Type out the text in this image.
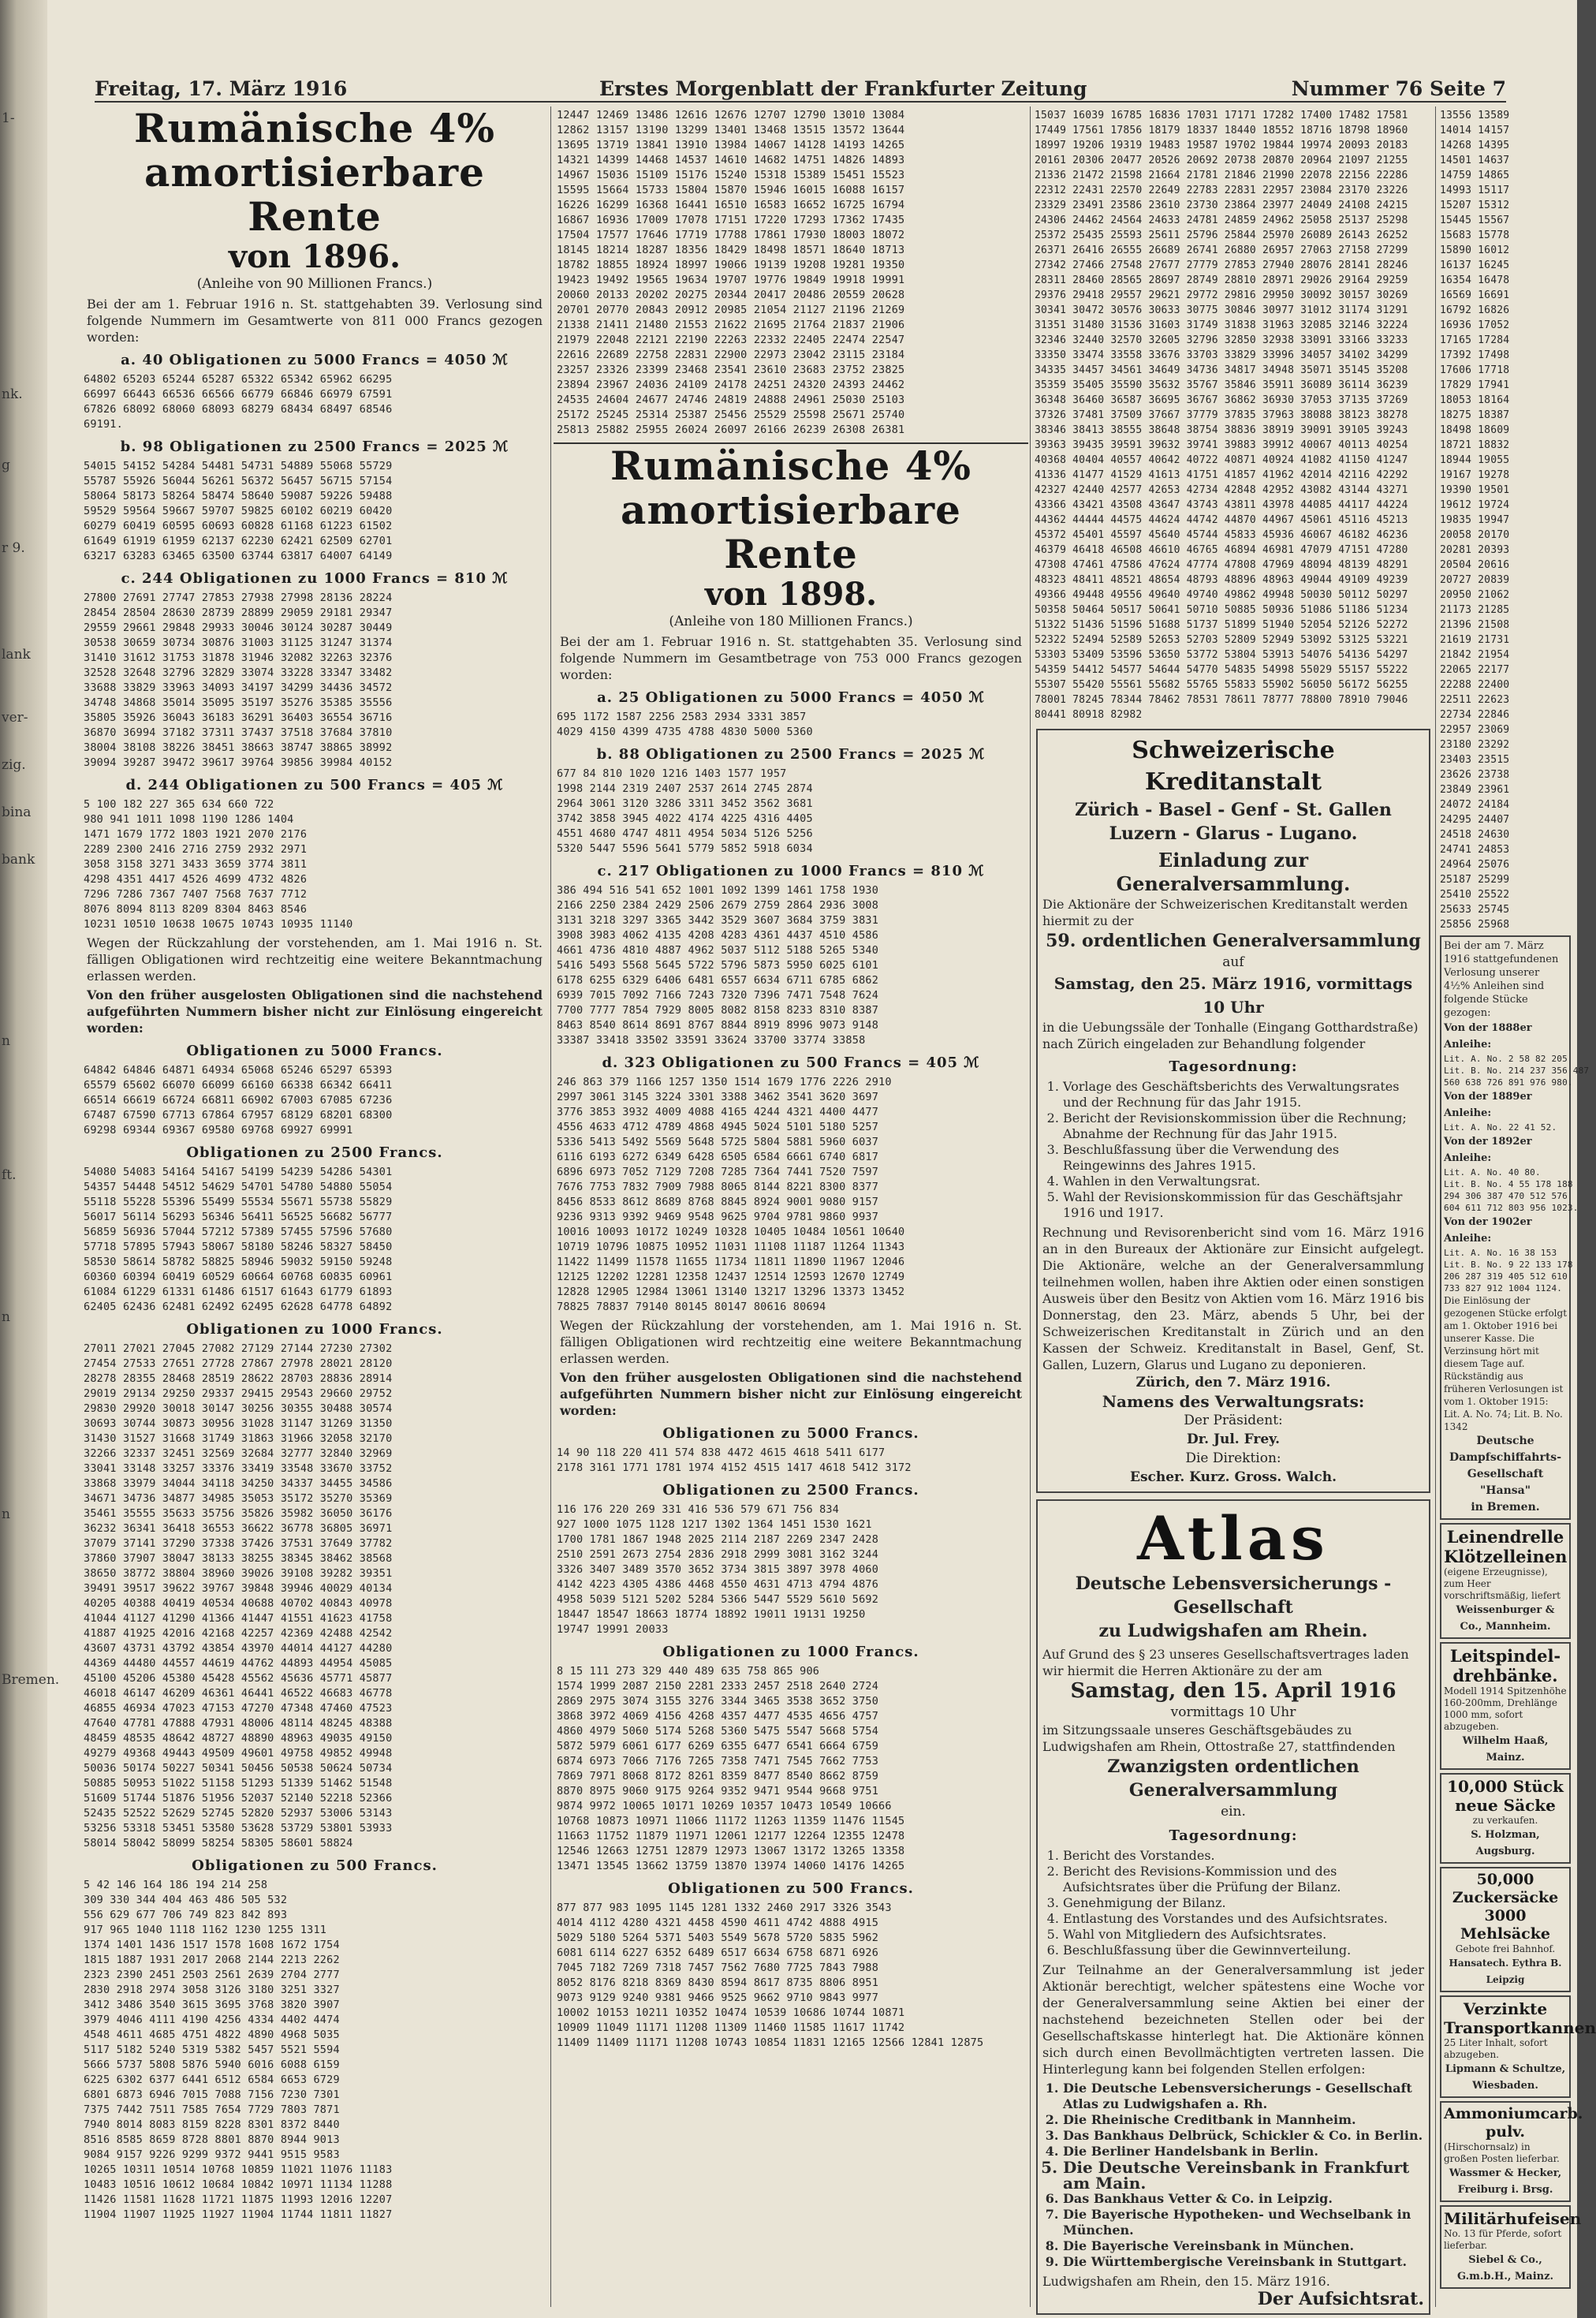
1-
nk.
g
r 9.
lank
ver-
zig.
bina
bank
n
ft.
n
n
Bremen.
Freitag, 17. März 1916	Erstes Morgenblatt der Frankfurter Zeitung	Nummer 76 Seite 7
Rumänische 4% amortisierbare Rente
von 1896.
(Anleihe von 90 Millionen Francs.)
Bei der am 1. Februar 1916 n. St. stattgehabten 39. Verlosung sind folgende Nummern im Gesamtwerte von 811 000 Francs gezogen worden:
a. 40 Obligationen zu 5000 Francs = 4050 ℳ
64802 65203 65244 65287 65322 65342 65962 66295
66997 66443 66536 66566 66779 66846 66979 67591
67826 68092 68060 68093 68279 68434 68497 68546
69191.
b. 98 Obligationen zu 2500 Francs = 2025 ℳ
54015 54152 54284 54481 54731 54889 55068 55729
55787 55926 56044 56261 56372 56457 56715 57154
58064 58173 58264 58474 58640 59087 59226 59488
59529 59564 59667 59707 59825 60102 60219 60420
60279 60419 60595 60693 60828 61168 61223 61502
61649 61919 61959 62137 62230 62421 62509 62701
63217 63283 63465 63500 63744 63817 64007 64149
c. 244 Obligationen zu 1000 Francs = 810 ℳ
27800 27691 27747 27853 27938 27998 28136 28224
28454 28504 28630 28739 28899 29059 29181 29347
29559 29661 29848 29933 30046 30124 30287 30449
30538 30659 30734 30876 31003 31125 31247 31374
31410 31612 31753 31878 31946 32082 32263 32376
32528 32648 32796 32829 33074 33228 33347 33482
33688 33829 33963 34093 34197 34299 34436 34572
34748 34868 35014 35095 35197 35276 35385 35556
35805 35926 36043 36183 36291 36403 36554 36716
36870 36994 37182 37311 37437 37518 37684 37810
38004 38108 38226 38451 38663 38747 38865 38992
39094 39287 39472 39617 39764 39856 39984 40152
d. 244 Obligationen zu 500 Francs = 405 ℳ
5 100 182 227 365 634 660 722
980 941 1011 1098 1190 1286 1404
1471 1679 1772 1803 1921 2070 2176
2289 2300 2416 2716 2759 2932 2971
3058 3158 3271 3433 3659 3774 3811
4298 4351 4417 4526 4699 4732 4826
7296 7286 7367 7407 7568 7637 7712
8076 8094 8113 8209 8304 8463 8546
10231 10510 10638 10675 10743 10935 11140
Wegen der Rückzahlung der vorstehenden, am 1. Mai 1916 n. St. fälligen Obligationen wird rechtzeitig eine weitere Bekanntmachung erlassen werden.
Von den früher ausgelosten Obligationen sind die nachstehend aufgeführten Nummern bisher nicht zur Einlösung eingereicht worden:
Obligationen zu 5000 Francs.
64842 64846 64871 64934 65068 65246 65297 65393
65579 65602 66070 66099 66160 66338 66342 66411
66514 66619 66724 66811 66902 67003 67085 67236
67487 67590 67713 67864 67957 68129 68201 68300
69298 69344 69367 69580 69768 69927 69991
Obligationen zu 2500 Francs.
54080 54083 54164 54167 54199 54239 54286 54301
54357 54448 54512 54629 54701 54780 54880 55054
55118 55228 55396 55499 55534 55671 55738 55829
56017 56114 56293 56346 56411 56525 56682 56777
56859 56936 57044 57212 57389 57455 57596 57680
57718 57895 57943 58067 58180 58246 58327 58450
58530 58614 58782 58825 58946 59032 59150 59248
60360 60394 60419 60529 60664 60768 60835 60961
61084 61229 61331 61486 61517 61643 61779 61893
62405 62436 62481 62492 62495 62628 64778 64892
Obligationen zu 1000 Francs.
27011 27021 27045 27082 27129 27144 27230 27302
27454 27533 27651 27728 27867 27978 28021 28120
28278 28355 28468 28519 28622 28703 28836 28914
29019 29134 29250 29337 29415 29543 29660 29752
29830 29920 30018 30147 30256 30355 30488 30574
30693 30744 30873 30956 31028 31147 31269 31350
31430 31527 31668 31749 31863 31966 32058 32170
32266 32337 32451 32569 32684 32777 32840 32969
33041 33148 33257 33376 33419 33548 33670 33752
33868 33979 34044 34118 34250 34337 34455 34586
34671 34736 34877 34985 35053 35172 35270 35369
35461 35555 35633 35756 35826 35982 36050 36176
36232 36341 36418 36553 36622 36778 36805 36971
37079 37141 37290 37338 37426 37531 37649 37782
37860 37907 38047 38133 38255 38345 38462 38568
38650 38772 38804 38960 39026 39108 39282 39351
39491 39517 39622 39767 39848 39946 40029 40134
40205 40388 40419 40534 40688 40702 40843 40978
41044 41127 41290 41366 41447 41551 41623 41758
41887 41925 42016 42168 42257 42369 42488 42542
43607 43731 43792 43854 43970 44014 44127 44280
44369 44480 44557 44619 44762 44893 44954 45085
45100 45206 45380 45428 45562 45636 45771 45877
46018 46147 46209 46361 46441 46522 46683 46778
46855 46934 47023 47153 47270 47348 47460 47523
47640 47781 47888 47931 48006 48114 48245 48388
48459 48535 48642 48727 48890 48963 49035 49150
49279 49368 49443 49509 49601 49758 49852 49948
50036 50174 50227 50341 50456 50538 50624 50734
50885 50953 51022 51158 51293 51339 51462 51548
51609 51744 51876 51956 52037 52140 52218 52366
52435 52522 52629 52745 52820 52937 53006 53143
53256 53318 53451 53580 53628 53729 53801 53933
58014 58042 58099 58254 58305 58601 58824
Obligationen zu 500 Francs.
5 42 146 164 186 194 214 258
309 330 344 404 463 486 505 532
556 629 677 706 749 823 842 893
917 965 1040 1118 1162 1230 1255 1311
1374 1401 1436 1517 1578 1608 1672 1754
1815 1887 1931 2017 2068 2144 2213 2262
2323 2390 2451 2503 2561 2639 2704 2777
2830 2918 2974 3058 3126 3180 3251 3327
3412 3486 3540 3615 3695 3768 3820 3907
3979 4046 4111 4190 4256 4334 4402 4474
4548 4611 4685 4751 4822 4890 4968 5035
5117 5182 5240 5319 5382 5457 5521 5594
5666 5737 5808 5876 5940 6016 6088 6159
6225 6302 6377 6441 6512 6584 6653 6729
6801 6873 6946 7015 7088 7156 7230 7301
7375 7442 7511 7585 7654 7729 7803 7871
7940 8014 8083 8159 8228 8301 8372 8440
8516 8585 8659 8728 8801 8870 8944 9013
9084 9157 9226 9299 9372 9441 9515 9583
10265 10311 10514 10768 10859 11021 11076 11183
10483 10516 10612 10684 10842 10971 11134 11288
11426 11581 11628 11721 11875 11993 12016 12207
11904 11907 11925 11927 11904 11744 11811 11827
12447 12469 13486 12616 12676 12707 12790 13010 13084
12862 13157 13190 13299 13401 13468 13515 13572 13644
13695 13719 13841 13910 13984 14067 14128 14193 14265
14321 14399 14468 14537 14610 14682 14751 14826 14893
14967 15036 15109 15176 15240 15318 15389 15451 15523
15595 15664 15733 15804 15870 15946 16015 16088 16157
16226 16299 16368 16441 16510 16583 16652 16725 16794
16867 16936 17009 17078 17151 17220 17293 17362 17435
17504 17577 17646 17719 17788 17861 17930 18003 18072
18145 18214 18287 18356 18429 18498 18571 18640 18713
18782 18855 18924 18997 19066 19139 19208 19281 19350
19423 19492 19565 19634 19707 19776 19849 19918 19991
20060 20133 20202 20275 20344 20417 20486 20559 20628
20701 20770 20843 20912 20985 21054 21127 21196 21269
21338 21411 21480 21553 21622 21695 21764 21837 21906
21979 22048 22121 22190 22263 22332 22405 22474 22547
22616 22689 22758 22831 22900 22973 23042 23115 23184
23257 23326 23399 23468 23541 23610 23683 23752 23825
23894 23967 24036 24109 24178 24251 24320 24393 24462
24535 24604 24677 24746 24819 24888 24961 25030 25103
25172 25245 25314 25387 25456 25529 25598 25671 25740
25813 25882 25955 26024 26097 26166 26239 26308 26381
Rumänische 4% amortisierbare Rente
von 1898.
(Anleihe von 180 Millionen Francs.)
Bei der am 1. Februar 1916 n. St. stattgehabten 35. Verlosung sind folgende Nummern im Gesamtbetrage von 753 000 Francs gezogen worden:
a. 25 Obligationen zu 5000 Francs = 4050 ℳ
695 1172 1587 2256 2583 2934 3331 3857
4029 4150 4399 4735 4788 4830 5000 5360
b. 88 Obligationen zu 2500 Francs = 2025 ℳ
677 84 810 1020 1216 1403 1577 1957
1998 2144 2319 2407 2537 2614 2745 2874
2964 3061 3120 3286 3311 3452 3562 3681
3742 3858 3945 4022 4174 4225 4316 4405
4551 4680 4747 4811 4954 5034 5126 5256
5320 5447 5596 5641 5779 5852 5918 6034
c. 217 Obligationen zu 1000 Francs = 810 ℳ
386 494 516 541 652 1001 1092 1399 1461 1758 1930
2166 2250 2384 2429 2506 2679 2759 2864 2936 3008
3131 3218 3297 3365 3442 3529 3607 3684 3759 3831
3908 3983 4062 4135 4208 4283 4361 4437 4510 4586
4661 4736 4810 4887 4962 5037 5112 5188 5265 5340
5416 5493 5568 5645 5722 5796 5873 5950 6025 6101
6178 6255 6329 6406 6481 6557 6634 6711 6785 6862
6939 7015 7092 7166 7243 7320 7396 7471 7548 7624
7700 7777 7854 7929 8005 8082 8158 8233 8310 8387
8463 8540 8614 8691 8767 8844 8919 8996 9073 9148
33387 33418 33502 33591 33624 33700 33774 33858
d. 323 Obligationen zu 500 Francs = 405 ℳ
246 863 379 1166 1257 1350 1514 1679 1776 2226 2910
2997 3061 3145 3224 3301 3388 3462 3541 3620 3697
3776 3853 3932 4009 4088 4165 4244 4321 4400 4477
4556 4633 4712 4789 4868 4945 5024 5101 5180 5257
5336 5413 5492 5569 5648 5725 5804 5881 5960 6037
6116 6193 6272 6349 6428 6505 6584 6661 6740 6817
6896 6973 7052 7129 7208 7285 7364 7441 7520 7597
7676 7753 7832 7909 7988 8065 8144 8221 8300 8377
8456 8533 8612 8689 8768 8845 8924 9001 9080 9157
9236 9313 9392 9469 9548 9625 9704 9781 9860 9937
10016 10093 10172 10249 10328 10405 10484 10561 10640
10719 10796 10875 10952 11031 11108 11187 11264 11343
11422 11499 11578 11655 11734 11811 11890 11967 12046
12125 12202 12281 12358 12437 12514 12593 12670 12749
12828 12905 12984 13061 13140 13217 13296 13373 13452
78825 78837 79140 80145 80147 80616 80694
Wegen der Rückzahlung der vorstehenden, am 1. Mai 1916 n. St. fälligen Obligationen wird rechtzeitig eine weitere Bekanntmachung erlassen werden.
Von den früher ausgelosten Obligationen sind die nachstehend aufgeführten Nummern bisher nicht zur Einlösung eingereicht worden:
Obligationen zu 5000 Francs.
14 90 118 220 411 574 838 4472 4615 4618 5411 6177
2178 3161 1771 1781 1974 4152 4515 1417 4618 5412 3172
Obligationen zu 2500 Francs.
116 176 220 269 331 416 536 579 671 756 834
927 1000 1075 1128 1217 1302 1364 1451 1530 1621
1700 1781 1867 1948 2025 2114 2187 2269 2347 2428
2510 2591 2673 2754 2836 2918 2999 3081 3162 3244
3326 3407 3489 3570 3652 3734 3815 3897 3978 4060
4142 4223 4305 4386 4468 4550 4631 4713 4794 4876
4958 5039 5121 5202 5284 5366 5447 5529 5610 5692
18447 18547 18663 18774 18892 19011 19131 19250
19747 19991 20033
Obligationen zu 1000 Francs.
8 15 111 273 329 440 489 635 758 865 906
1574 1999 2087 2150 2281 2333 2457 2518 2640 2724
2869 2975 3074 3155 3276 3344 3465 3538 3652 3750
3868 3972 4069 4156 4268 4357 4477 4535 4656 4757
4860 4979 5060 5174 5268 5360 5475 5547 5668 5754
5872 5979 6061 6177 6269 6355 6477 6541 6664 6759
6874 6973 7066 7176 7265 7358 7471 7545 7662 7753
7869 7971 8068 8172 8261 8359 8477 8540 8662 8759
8870 8975 9060 9175 9264 9352 9471 9544 9668 9751
9874 9972 10065 10171 10269 10357 10473 10549 10666
10768 10873 10971 11066 11172 11263 11359 11476 11545
11663 11752 11879 11971 12061 12177 12264 12355 12478
12546 12663 12751 12879 12973 13067 13172 13265 13358
13471 13545 13662 13759 13870 13974 14060 14176 14265
Obligationen zu 500 Francs.
877 877 983 1095 1145 1281 1332 2460 2917 3326 3543
4014 4112 4280 4321 4458 4590 4611 4742 4888 4915
5029 5180 5264 5371 5403 5549 5678 5720 5835 5962
6081 6114 6227 6352 6489 6517 6634 6758 6871 6926
7045 7182 7269 7318 7457 7562 7680 7725 7843 7988
8052 8176 8218 8369 8430 8594 8617 8735 8806 8951
9073 9129 9240 9381 9466 9525 9662 9710 9843 9977
10002 10153 10211 10352 10474 10539 10686 10744 10871
10909 11049 11171 11208 11309 11460 11585 11617 11742
11409 11409 11171 11208 10743 10854 11831 12165 12566 12841 12875
15037 16039 16785 16836 17031 17171 17282 17400 17482 17581
17449 17561 17856 18179 18337 18440 18552 18716 18798 18960
18997 19206 19319 19483 19587 19702 19844 19974 20093 20183
20161 20306 20477 20526 20692 20738 20870 20964 21097 21255
21336 21472 21598 21664 21781 21846 21990 22078 22156 22286
22312 22431 22570 22649 22783 22831 22957 23084 23170 23226
23329 23491 23586 23610 23730 23864 23977 24049 24108 24215
24306 24462 24564 24633 24781 24859 24962 25058 25137 25298
25372 25435 25593 25611 25796 25844 25970 26089 26143 26252
26371 26416 26555 26689 26741 26880 26957 27063 27158 27299
27342 27466 27548 27677 27779 27853 27940 28076 28141 28246
28311 28460 28565 28697 28749 28810 28971 29026 29164 29259
29376 29418 29557 29621 29772 29816 29950 30092 30157 30269
30341 30472 30576 30633 30775 30846 30977 31012 31174 31291
31351 31480 31536 31603 31749 31838 31963 32085 32146 32224
32346 32440 32570 32605 32796 32850 32938 33091 33166 33233
33350 33474 33558 33676 33703 33829 33996 34057 34102 34299
34335 34457 34561 34649 34736 34817 34948 35071 35145 35208
35359 35405 35590 35632 35767 35846 35911 36089 36114 36239
36348 36460 36587 36695 36767 36862 36930 37053 37135 37269
37326 37481 37509 37667 37779 37835 37963 38088 38123 38278
38346 38413 38555 38648 38754 38836 38919 39091 39105 39243
39363 39435 39591 39632 39741 39883 39912 40067 40113 40254
40368 40404 40557 40642 40722 40871 40924 41082 41150 41247
41336 41477 41529 41613 41751 41857 41962 42014 42116 42292
42327 42440 42577 42653 42734 42848 42952 43082 43144 43271
43366 43421 43508 43647 43743 43811 43978 44085 44117 44224
44362 44444 44575 44624 44742 44870 44967 45061 45116 45213
45372 45401 45597 45640 45744 45833 45936 46067 46182 46236
46379 46418 46508 46610 46765 46894 46981 47079 47151 47280
47308 47461 47586 47624 47774 47808 47969 48094 48139 48291
48323 48411 48521 48654 48793 48896 48963 49044 49109 49239
49366 49448 49556 49640 49740 49862 49948 50030 50112 50297
50358 50464 50517 50641 50710 50885 50936 51086 51186 51234
51322 51436 51596 51688 51737 51899 51940 52054 52126 52272
52322 52494 52589 52653 52703 52809 52949 53092 53125 53221
53303 53409 53596 53650 53772 53804 53913 54076 54136 54297
54359 54412 54577 54644 54770 54835 54998 55029 55157 55222
55307 55420 55561 55682 55765 55833 55902 56050 56172 56255
78001 78245 78344 78462 78531 78611 78777 78800 78910 79046
80441 80918 82982
Schweizerische Kreditanstalt
Zürich - Basel - Genf - St. Gallen
Luzern - Glarus - Lugano.
Einladung zur Generalversammlung.
Die Aktionäre der Schweizerischen Kreditanstalt werden hiermit zu der
59. ordentlichen Generalversammlung
auf
Samstag, den 25. März 1916, vormittags 10 Uhr
in die Uebungssäle der Tonhalle (Eingang Gotthardstraße) nach Zürich eingeladen zur Behandlung folgender
Tagesordnung:
1. Vorlage des Geschäftsberichts des Verwaltungsrates und der Rechnung für das Jahr 1915.
2. Bericht der Revisionskommission über die Rechnung; Abnahme der Rechnung für das Jahr 1915.
3. Beschlußfassung über die Verwendung des Reingewinns des Jahres 1915.
4. Wahlen in den Verwaltungsrat.
5. Wahl der Revisionskommission für das Geschäftsjahr 1916 und 1917.
Rechnung und Revisorenbericht sind vom 16. März 1916 an in den Bureaux der Aktionäre zur Einsicht aufgelegt. Die Aktionäre, welche an der Generalversammlung teilnehmen wollen, haben ihre Aktien oder einen sonstigen Ausweis über den Besitz von Aktien vom 16. März 1916 bis Donnerstag, den 23. März, abends 5 Uhr, bei der Schweizerischen Kreditanstalt in Zürich und an den Kassen der Schweiz. Kreditanstalt in Basel, Genf, St. Gallen, Luzern, Glarus und Lugano zu deponieren.
Zürich, den 7. März 1916.
Namens des Verwaltungsrats:
Der Präsident:
Dr. Jul. Frey.
Die Direktion:
Escher. Kurz. Gross. Walch.
Atlas
Deutsche Lebensversicherungs - Gesellschaft
zu Ludwigshafen am Rhein.
Auf Grund des § 23 unseres Gesellschaftsvertrages laden wir hiermit die Herren Aktionäre zu der am
Samstag, den 15. April 1916
vormittags 10 Uhr
im Sitzungssaale unseres Geschäftsgebäudes zu Ludwigshafen am Rhein, Ottostraße 27, stattfindenden
Zwanzigsten ordentlichen Generalversammlung
ein.
Tagesordnung:
1. Bericht des Vorstandes.
2. Bericht des Revisions-Kommission und des Aufsichtsrates über die Prüfung der Bilanz.
3. Genehmigung der Bilanz.
4. Entlastung des Vorstandes und des Aufsichtsrates.
5. Wahl von Mitgliedern des Aufsichtsrates.
6. Beschlußfassung über die Gewinnverteilung.
Zur Teilnahme an der Generalversammlung ist jeder Aktionär berechtigt, welcher spätestens eine Woche vor der Generalversammlung seine Aktien bei einer der nachstehend bezeichneten Stellen oder bei der Gesellschaftskasse hinterlegt hat. Die Aktionäre können sich durch einen Bevollmächtigten vertreten lassen. Die Hinterlegung kann bei folgenden Stellen erfolgen:
1. Die Deutsche Lebensversicherungs - Gesellschaft Atlas zu Ludwigshafen a. Rh.
2. Die Rheinische Creditbank in Mannheim.
3. Das Bankhaus Delbrück, Schickler & Co. in Berlin.
4. Die Berliner Handelsbank in Berlin.
5. Die Deutsche Vereinsbank in Frankfurt am Main.
6. Das Bankhaus Vetter & Co. in Leipzig.
7. Die Bayerische Hypotheken- und Wechselbank in München.
8. Die Bayerische Vereinsbank in München.
9. Die Württembergische Vereinsbank in Stuttgart.
Ludwigshafen am Rhein, den 15. März 1916.
Der Aufsichtsrat.
13556 13589
14014 14157
14268 14395
14501 14637
14759 14865
14993 15117
15207 15312
15445 15567
15683 15778
15890 16012
16137 16245
16354 16478
16569 16691
16792 16826
16936 17052
17165 17284
17392 17498
17606 17718
17829 17941
18053 18164
18275 18387
18498 18609
18721 18832
18944 19055
19167 19278
19390 19501
19612 19724
19835 19947
20058 20170
20281 20393
20504 20616
20727 20839
20950 21062
21173 21285
21396 21508
21619 21731
21842 21954
22065 22177
22288 22400
22511 22623
22734 22846
22957 23069
23180 23292
23403 23515
23626 23738
23849 23961
24072 24184
24295 24407
24518 24630
24741 24853
24964 25076
25187 25299
25410 25522
25633 25745
25856 25968
Bei der am 7. März 1916 stattgefundenen Verlosung unserer 4½% Anleihen sind folgende Stücke gezogen:
Von der 1888er Anleihe:
Lit. A. No. 2 58 82 205
Lit. B. No. 214 237 356 487
560 638 726 891 976 980.
Von der 1889er Anleihe:
Lit. A. No. 22 41 52.
Von der 1892er Anleihe:
Lit. A. No. 40 80.
Lit. B. No. 4 55 178 188
294 306 387 470 512 576
604 611 712 803 956 1023.
Von der 1902er Anleihe:
Lit. A. No. 16 38 153
Lit. B. No. 9 22 133 178
206 287 319 405 512 610
733 827 912 1004 1124.
Die Einlösung der gezogenen Stücke erfolgt am 1. Oktober 1916 bei unserer Kasse. Die Verzinsung hört mit diesem Tage auf. Rückständig aus früheren Verlosungen ist vom 1. Oktober 1915: Lit. A. No. 74; Lit. B. No. 1342
Deutsche Dampfschiffahrts-
Gesellschaft "Hansa"
in Bremen.
Leinendrelle Klötzelleinen
(eigene Erzeugnisse), zum Heer vorschriftsmäßig, liefert
Weissenburger & Co., Mannheim.
Leitspindel-drehbänke.
Modell 1914 Spitzenhöhe 160-200mm, Drehlänge 1000 mm, sofort abzugeben.
Wilhelm Haaß, Mainz.
10,000 Stück neue Säcke
zu verkaufen.
S. Holzman, Augsburg.
50,000 Zuckersäcke 3000 Mehlsäcke
Gebote frei Bahnhof.
Hansatech. Eythra B. Leipzig
Verzinkte Transportkannen
25 Liter Inhalt, sofort abzugeben.
Lipmann & Schultze, Wiesbaden.
Ammoniumcarb. pulv.
(Hirschornsalz) in großen Posten lieferbar.
Wassmer & Hecker, Freiburg i. Brsg.
Militärhufeisen
No. 13 für Pferde, sofort lieferbar.
Siebel & Co., G.m.b.H., Mainz.
